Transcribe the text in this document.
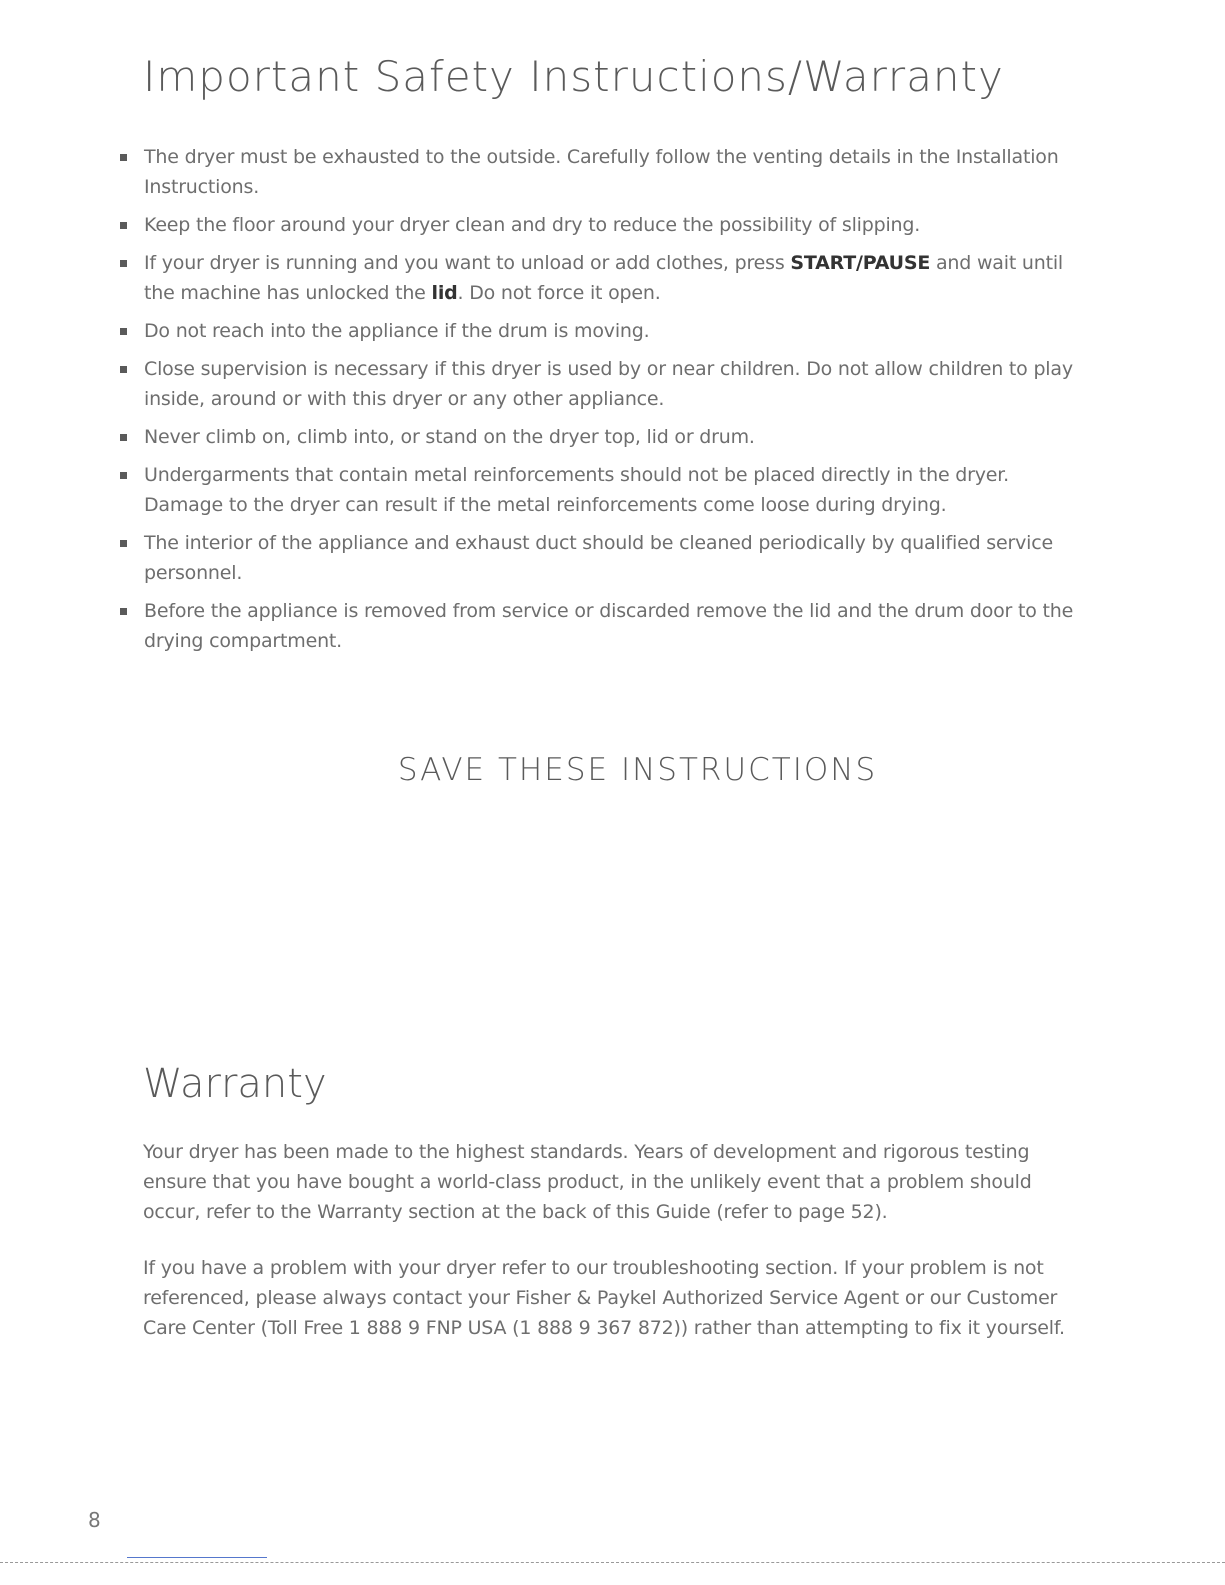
Important Safety Instructions/Warranty
The dryer must be exhausted to the outside. Carefully follow the venting details in the Installation Instructions.
Keep the floor around your dryer clean and dry to reduce the possibility of slipping.
If your dryer is running and you want to unload or add clothes, press START/PAUSE and wait until the machine has unlocked the lid. Do not force it open.
Do not reach into the appliance if the drum is moving.
Close supervision is necessary if this dryer is used by or near children. Do not allow children to play inside, around or with this dryer or any other appliance.
Never climb on, climb into, or stand on the dryer top, lid or drum.
Undergarments that contain metal reinforcements should not be placed directly in the dryer. Damage to the dryer can result if the metal reinforcements come loose during drying.
The interior of the appliance and exhaust duct should be cleaned periodically by qualified service personnel.
Before the appliance is removed from service or discarded remove the lid and the drum door to the drying compartment.
SAVE THESE INSTRUCTIONS
Warranty

Your dryer has been made to the highest standards. Years of development and rigorous testing ensure that you have bought a world-class product, in the unlikely event that a problem should occur, refer to the Warranty section at the back of this Guide (refer to page 52).

If you have a problem with your dryer refer to our troubleshooting section. If your problem is not referenced, please always contact your Fisher & Paykel Authorized Service Agent or our Customer Care Center (Toll Free 1 888 9 FNP USA (1 888 9 367 872)) rather than attempting to fix it yourself.

8
